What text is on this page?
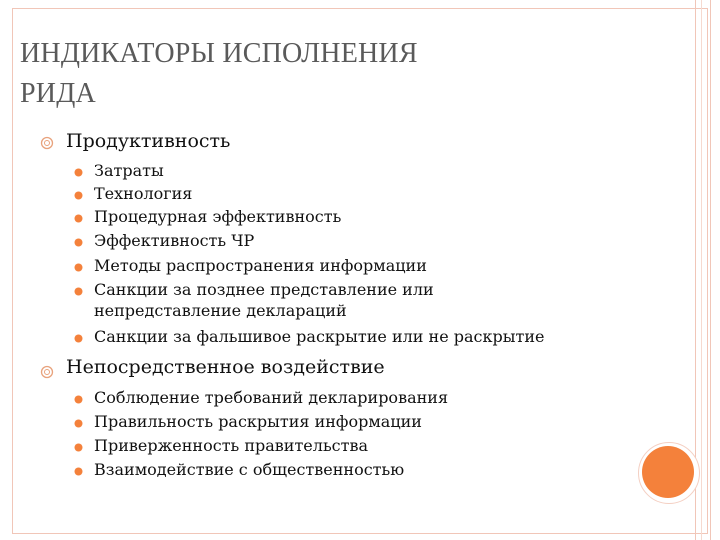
ИНДИКАТОРЫ ИСПОЛНЕНИЯ
РИДА
Продуктивность
Затраты
Технология
Процедурная эффективность
Эффективность ЧР
Методы распространения информации
Санкции за позднее представление или
непредставление деклараций
Санкции за фальшивое раскрытие или не раскрытие
Непосредственное воздействие
Соблюдение требований декларирования
Правильность раскрытия информации
Приверженность правительства
Взаимодействие с общественностью
